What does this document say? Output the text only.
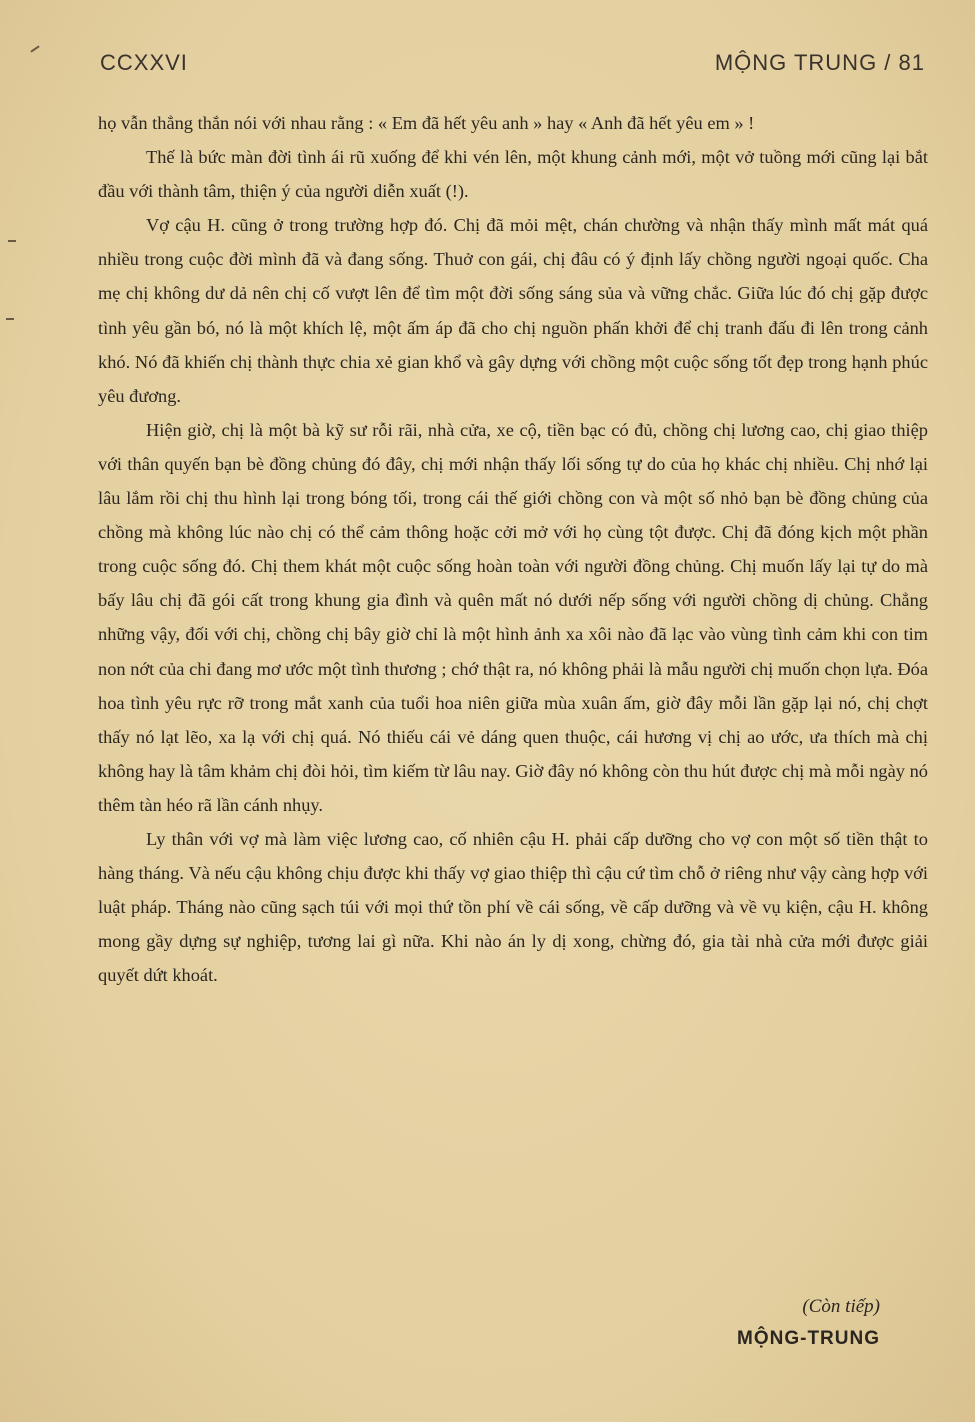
CCXXVI	MỘNG TRUNG / 81

họ vẫn thẳng thắn nói với nhau rằng : « Em đã hết yêu anh » hay « Anh đã hết yêu em » !

Thế là bức màn đời tình ái rũ xuống để khi vén lên, một khung cảnh mới, một vở tuồng mới cũng lại bắt đầu với thành tâm, thiện ý của người diễn xuất (!).

Vợ cậu H. cũng ở trong trường hợp đó. Chị đã mỏi mệt, chán chường và nhận thấy mình mất mát quá nhiều trong cuộc đời mình đã và đang sống. Thuở con gái, chị đâu có ý định lấy chồng người ngoại quốc. Cha mẹ chị không dư dả nên chị cố vượt lên để tìm một đời sống sáng sủa và vững chắc. Giữa lúc đó chị gặp được tình yêu gần bó, nó là một khích lệ, một ấm áp đã cho chị nguồn phấn khởi để chị tranh đấu đi lên trong cảnh khó. Nó đã khiến chị thành thực chia xẻ gian khổ và gây dựng với chồng một cuộc sống tốt đẹp trong hạnh phúc yêu đương.

Hiện giờ, chị là một bà kỹ sư rỗi rãi, nhà cửa, xe cộ, tiền bạc có đủ, chồng chị lương cao, chị giao thiệp với thân quyến bạn bè đồng chủng đó đây, chị mới nhận thấy lối sống tự do của họ khác chị nhiều. Chị nhớ lại lâu lắm rồi chị thu hình lại trong bóng tối, trong cái thế giới chồng con và một số nhỏ bạn bè đồng chủng của chồng mà không lúc nào chị có thể cảm thông hoặc cởi mở với họ cùng tột được. Chị đã đóng kịch một phần trong cuộc sống đó. Chị them khát một cuộc sống hoàn toàn với người đồng chủng. Chị muốn lấy lại tự do mà bấy lâu chị đã gói cất trong khung gia đình và quên mất nó dưới nếp sống với người chồng dị chủng. Chẳng những vậy, đối với chị, chồng chị bây giờ chỉ là một hình ảnh xa xôi nào đã lạc vào vùng tình cảm khi con tim non nớt của chi đang mơ ước một tình thương ; chớ thật ra, nó không phải là mẫu người chị muốn chọn lựa. Đóa hoa tình yêu rực rỡ trong mắt xanh của tuổi hoa niên giữa mùa xuân ấm, giờ đây mỗi lần gặp lại nó, chị chợt thấy nó lạt lẽo, xa lạ với chị quá. Nó thiếu cái vẻ dáng quen thuộc, cái hương vị chị ao ước, ưa thích mà chị không hay là tâm khảm chị đòi hỏi, tìm kiếm từ lâu nay. Giờ đây nó không còn thu hút được chị mà mỗi ngày nó thêm tàn héo rã lần cánh nhụy.

Ly thân với vợ mà làm việc lương cao, cố nhiên cậu H. phải cấp dưỡng cho vợ con một số tiền thật to hàng tháng. Và nếu cậu không chịu được khi thấy vợ giao thiệp thì cậu cứ tìm chỗ ở riêng như vậy càng hợp với luật pháp. Tháng nào cũng sạch túi với mọi thứ tồn phí về cái sống, về cấp dưỡng và về vụ kiện, cậu H. không mong gầy dựng sự nghiệp, tương lai gì nữa. Khi nào án ly dị xong, chừng đó, gia tài nhà cửa mới được giải quyết dứt khoát.

(Còn tiếp)
MỘNG-TRUNG
